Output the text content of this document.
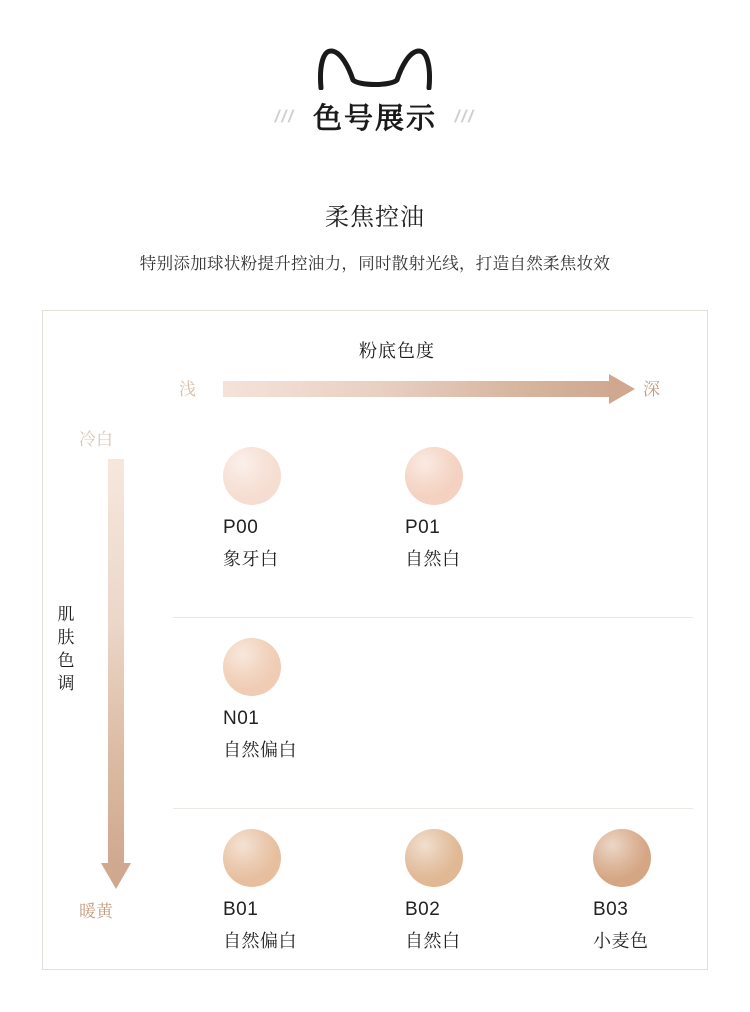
/// 色号展示 ///
柔焦控油
特别添加球状粉提升控油力，同时散射光线，打造自然柔焦妆效
粉底色度
浅	深
肌肤色调
冷白
暖黄
P00
象牙白
P01
自然白
N01
自然偏白
B01
自然偏白
B02
自然白
B03
小麦色
